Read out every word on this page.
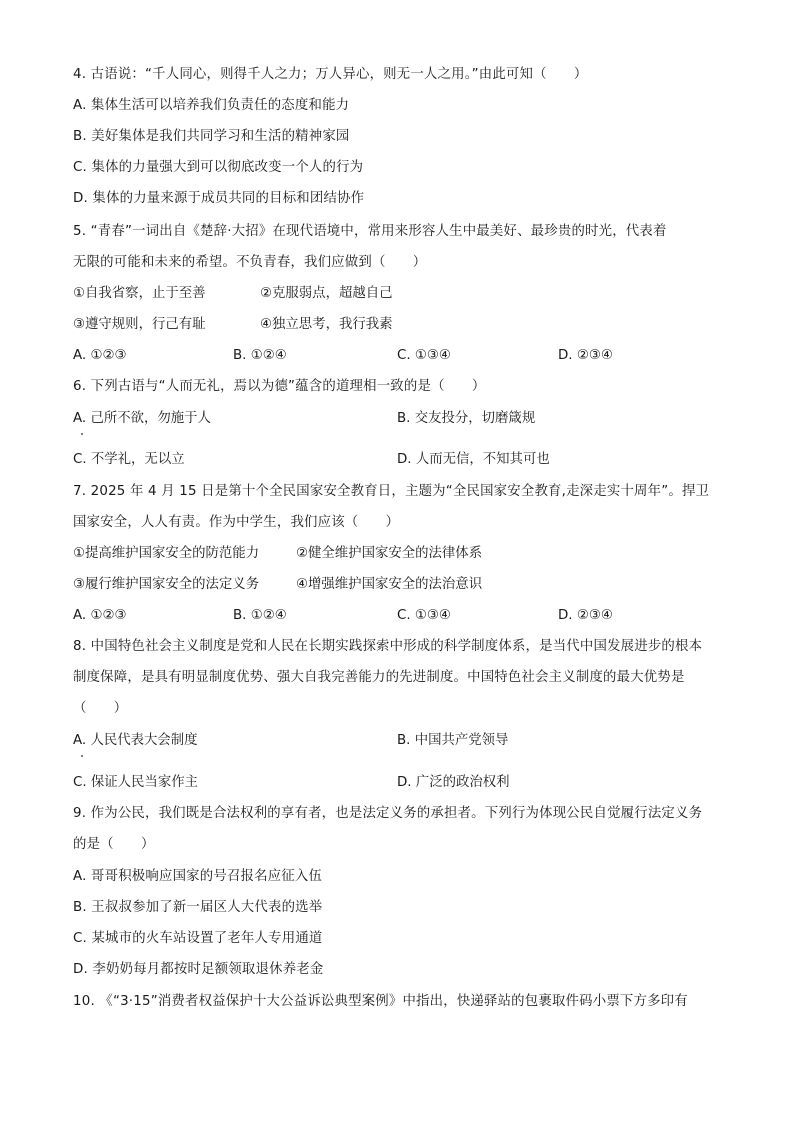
4. 古语说：“千人同心，则得千人之力；万人异心，则无一人之用。”由此可知（　　）
A. 集体生活可以培养我们负责任的态度和能力
B. 美好集体是我们共同学习和生活的精神家园
C. 集体的力量强大到可以彻底改变一个人的行为
D. 集体的力量来源于成员共同的目标和团结协作
5. “青春”一词出自《楚辞·大招》在现代语境中，常用来形容人生中最美好、最珍贵的时光，代表着
无限的可能和未来的希望。不负青春，我们应做到（　　）
①自我省察，止于至善	②克服弱点，超越自己
③遵守规则，行己有耻	④独立思考，我行我素
A. ①②③	B. ①②④	C. ①③④	D. ②③④
6. 下列古语与“人而无礼，焉以为德”蕴含的道理相一致的是（　　）
A. 己所不欲，勿施于人	B. 交友投分，切磨箴规
C. 不学礼，无以立	D. 人而无信，不知其可也
7. 2025 年 4 月 15 日是第十个全民国家安全教育日，主题为“全民国家安全教育,走深走实十周年”。捍卫
国家安全，人人有责。作为中学生，我们应该（　　）
①提高维护国家安全的防范能力	②健全维护国家安全的法律体系
③履行维护国家安全的法定义务	④增强维护国家安全的法治意识
A. ①②③	B. ①②④	C. ①③④	D. ②③④
8. 中国特色社会主义制度是党和人民在长期实践探索中形成的科学制度体系，是当代中国发展进步的根本
制度保障，是具有明显制度优势、强大自我完善能力的先进制度。中国特色社会主义制度的最大优势是
（　　）
A. 人民代表大会制度	B. 中国共产党领导
C. 保证人民当家作主	D. 广泛的政治权利
9. 作为公民，我们既是合法权利的享有者，也是法定义务的承担者。下列行为体现公民自觉履行法定义务
的是（　　）
A. 哥哥积极响应国家的号召报名应征入伍
B. 王叔叔参加了新一届区人大代表的选举
C. 某城市的火车站设置了老年人专用通道
D. 李奶奶每月都按时足额领取退休养老金
10. 《“3·15”消费者权益保护十大公益诉讼典型案例》中指出，快递驿站的包裹取件码小票下方多印有
